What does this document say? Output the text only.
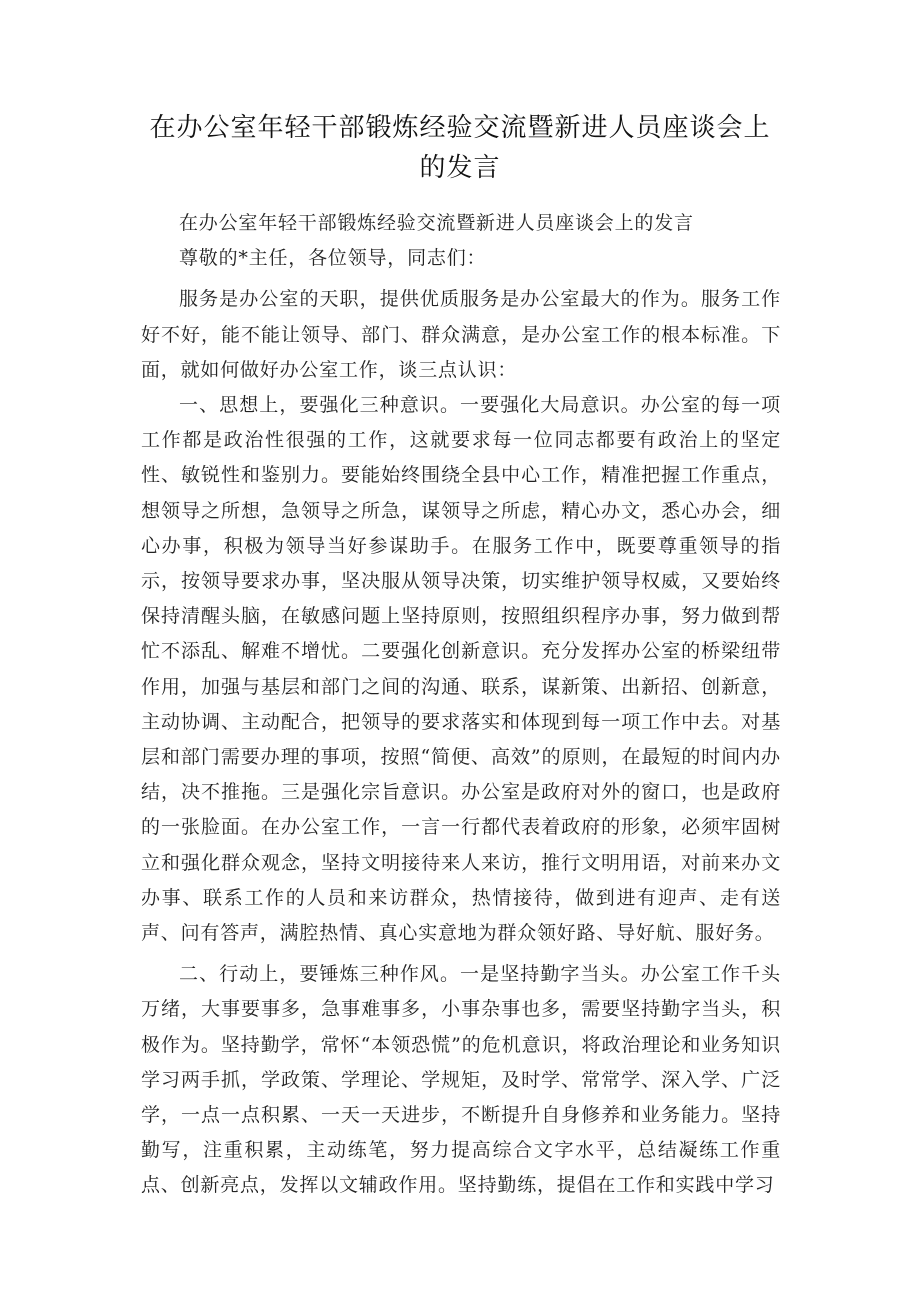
在办公室年轻干部锻炼经验交流暨新进人员座谈会上
的发言

在办公室年轻干部锻炼经验交流暨新进人员座谈会上的发言

尊敬的*主任，各位领导，同志们：

服务是办公室的天职，提供优质服务是办公室最大的作为。服务工作好不好，能不能让领导、部门、群众满意，是办公室工作的根本标准。下面，就如何做好办公室工作，谈三点认识：

一、思想上，要强化三种意识。一要强化大局意识。办公室的每一项工作都是政治性很强的工作，这就要求每一位同志都要有政治上的坚定性、敏锐性和鉴别力。要能始终围绕全县中心工作，精准把握工作重点，想领导之所想，急领导之所急，谋领导之所虑，精心办文，悉心办会，细心办事，积极为领导当好参谋助手。在服务工作中，既要尊重领导的指示，按领导要求办事，坚决服从领导决策，切实维护领导权威，又要始终保持清醒头脑，在敏感问题上坚持原则，按照组织程序办事，努力做到帮忙不添乱、解难不增忧。二要强化创新意识。充分发挥办公室的桥梁纽带作用，加强与基层和部门之间的沟通、联系，谋新策、出新招、创新意，主动协调、主动配合，把领导的要求落实和体现到每一项工作中去。对基层和部门需要办理的事项，按照“简便、高效”的原则，在最短的时间内办结，决不推拖。三是强化宗旨意识。办公室是政府对外的窗口，也是政府的一张脸面。在办公室工作，一言一行都代表着政府的形象，必须牢固树立和强化群众观念，坚持文明接待来人来访，推行文明用语，对前来办文办事、联系工作的人员和来访群众，热情接待，做到进有迎声、走有送声、问有答声，满腔热情、真心实意地为群众领好路、导好航、服好务。

二、行动上，要锤炼三种作风。一是坚持勤字当头。办公室工作千头万绪，大事要事多，急事难事多，小事杂事也多，需要坚持勤字当头，积极作为。坚持勤学，常怀“本领恐慌”的危机意识，将政治理论和业务知识学习两手抓，学政策、学理论、学规矩，及时学、常常学、深入学、广泛学，一点一点积累、一天一天进步，不断提升自身修养和业务能力。坚持勤写，注重积累，主动练笔，努力提高综合文字水平，总结凝练工作重点、创新亮点，发挥以文辅政作用。坚持勤练，提倡在工作和实践中学习
